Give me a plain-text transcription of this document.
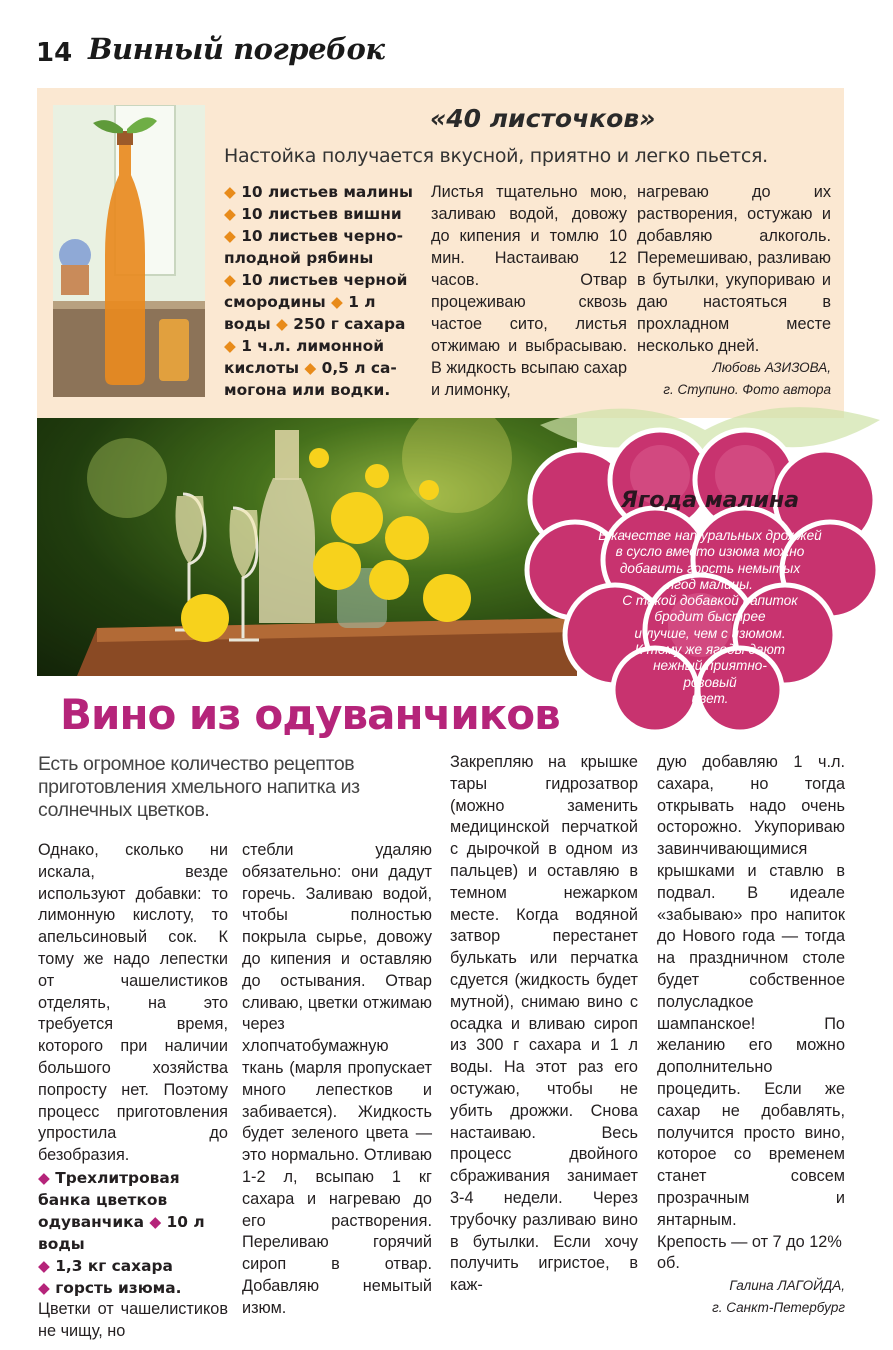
14 Винный погребок
«40 листочков»
Настойка получается вкусной, приятно и легко пьется.
◆ 10 листьев малины
◆ 10 листьев вишни
◆ 10 листьев черно-
плодной рябины
◆ 10 листьев черной
смородины ◆ 1 л
воды ◆ 250 г сахара
◆ 1 ч.л. лимонной
кислоты ◆ 0,5 л са-
могона или водки.

Листья тщательно мою, заливаю водой, довожу до кипения и томлю 10 мин. Настаиваю 12 часов. Отвар процеживаю сквозь частое сито, листья отжимаю и выбрасываю. В жидкость всыпаю сахар и лимонку,

нагреваю до их растворения, остужаю и добавляю алкоголь. Перемешиваю, разливаю в бутылки, укупориваю и даю настояться в прохладном месте несколько дней.

Любовь АЗИЗОВА,
г. Ступино. Фото автора
Ягода малина
В качестве натуральных дрожжей
в сусло вместо изюма можно
добавить горсть немытых
ягод малины.
С такой добавкой напиток
бродит быстрее
и лучше, чем с изюмом.
К тому же ягоды дают
нежный приятно-
розовый
цвет.
Вино из одуванчиков

Есть огромное количество рецептов приготовления хмельного напитка из солнечных цветков.

Однако, сколько ни искала, везде используют добавки: то лимонную кислоту, то апельсиновый сок. К тому же надо лепестки от чашелистиков отделять, на это требуется время, которого при наличии большого хозяйства попросту нет. Поэтому процесс приготовления упростила до безобразия.

◆ Трехлитровая банка цветков одуванчика ◆ 10 л воды
◆ 1,3 кг сахара
◆ горсть изюма.

Цветки от чашелистиков не чищу, но

стебли удаляю обязательно: они дадут горечь. Заливаю водой, чтобы полностью покрыла сырье, довожу до кипения и оставляю до остывания. Отвар сливаю, цветки отжимаю через хлопчатобумажную ткань (марля пропускает много лепестков и забивается). Жидкость будет зеленого цвета — это нормально. Отливаю 1-2 л, всыпаю 1 кг сахара и нагреваю до его растворения. Переливаю горячий сироп в отвар. Добавляю немытый изюм.

Закрепляю на крышке тары гидрозатвор (можно заменить медицинской перчаткой с дырочкой в одном из пальцев) и оставляю в темном нежарком месте. Когда водяной затвор перестанет булькать или перчатка сдуется (жидкость будет мутной), снимаю вино с осадка и вливаю сироп из 300 г сахара и 1 л воды. На этот раз его остужаю, чтобы не убить дрожжи. Снова настаиваю. Весь процесс двойного сбраживания занимает 3-4 недели. Через трубочку разливаю вино в бутылки. Если хочу получить игристое, в каж-

дую добавляю 1 ч.л. сахара, но тогда открывать надо очень осторожно. Укупориваю завинчивающимися крышками и ставлю в подвал. В идеале «забываю» про напиток до Нового года — тогда на праздничном столе будет собственное полусладкое шампанское! По желанию его можно дополнительно процедить. Если же сахар не добавлять, получится просто вино, которое со временем станет совсем прозрачным и янтарным.

Крепость — от 7 до 12% об.

Галина ЛАГОЙДА,
г. Санкт-Петербург
